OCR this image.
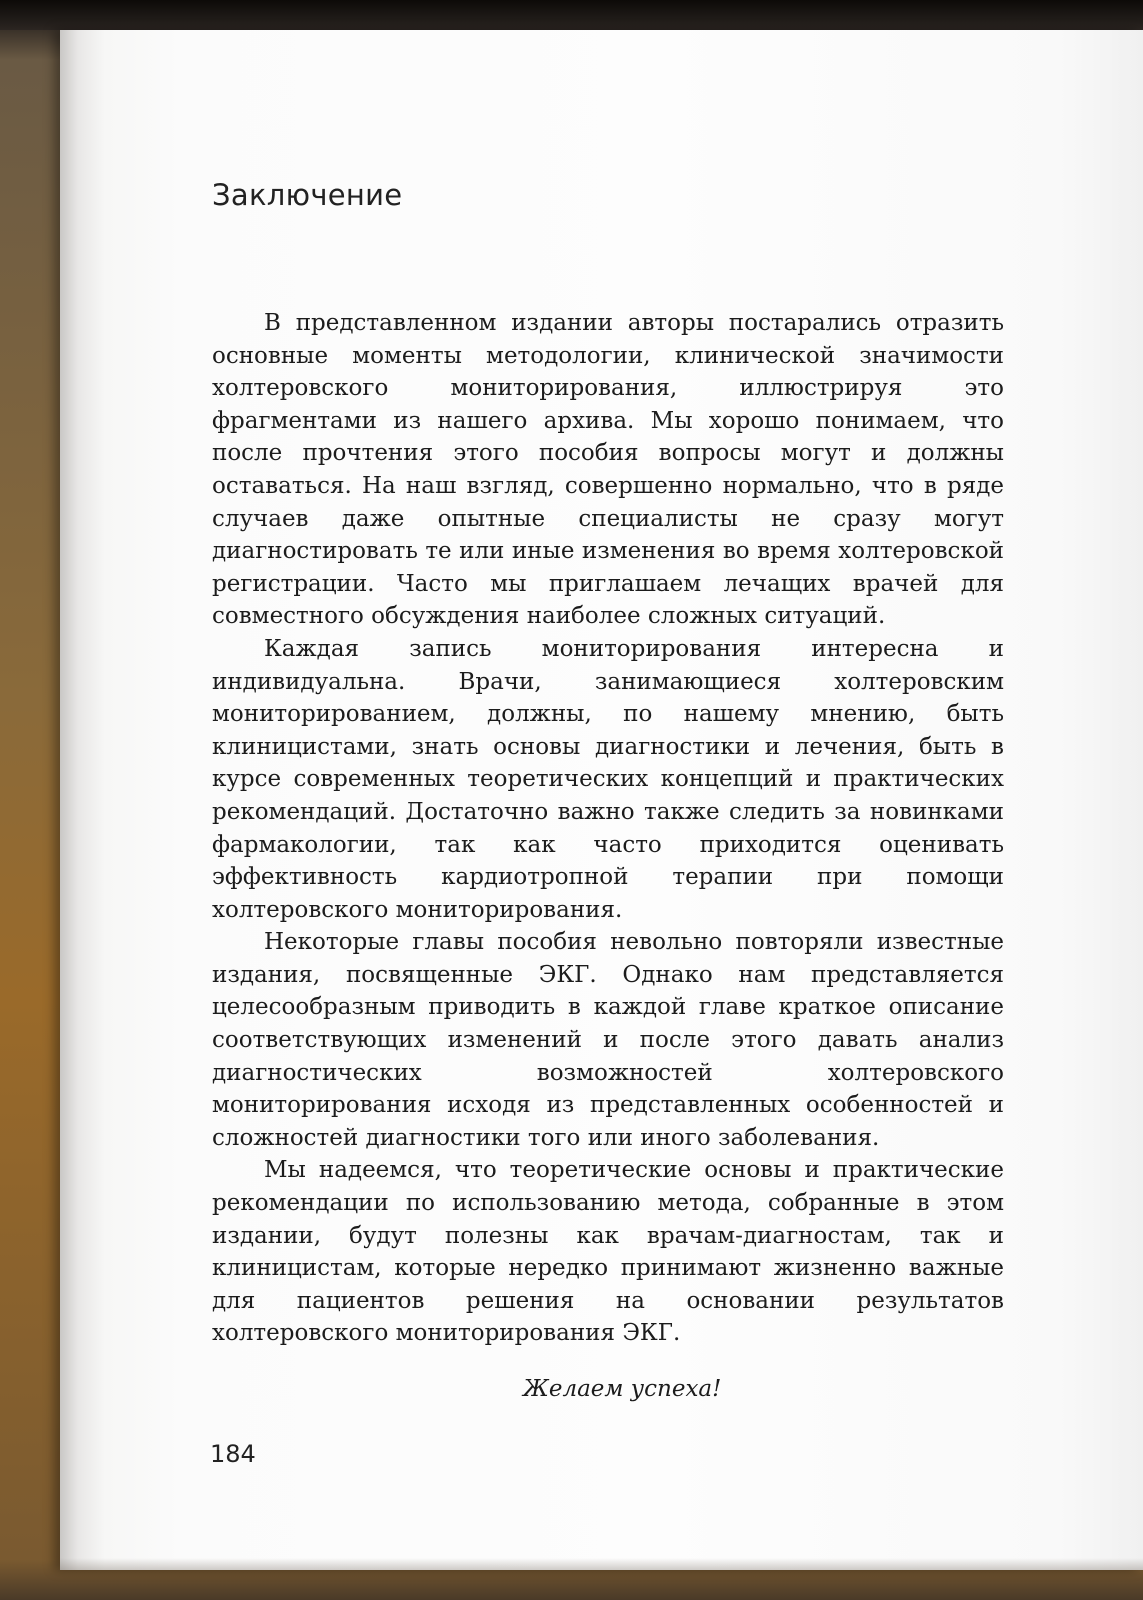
Заключение

В представленном издании авторы постарались отразить основные моменты методологии, клинической значимости холтеровского мониторирования, иллюстрируя это фрагментами из нашего архива. Мы хорошо понимаем, что после прочтения этого пособия вопросы могут и должны оставаться. На наш взгляд, совершенно нормально, что в ряде случаев даже опытные специалисты не сразу могут диагностировать те или иные изменения во время холтеровской регистрации. Часто мы приглашаем лечащих врачей для совместного обсуждения наиболее сложных ситуаций.

Каждая запись мониторирования интересна и индивидуальна. Врачи, занимающиеся холтеровским мониторированием, должны, по нашему мнению, быть клиницистами, знать основы диагностики и лечения, быть в курсе современных теоретических концепций и практических рекомендаций. Достаточно важно также следить за новинками фармакологии, так как часто приходится оценивать эффективность кардиотропной терапии при помощи холтеровского мониторирования.

Некоторые главы пособия невольно повторяли известные издания, посвященные ЭКГ. Однако нам представляется целесообразным приводить в каждой главе краткое описание соответствующих изменений и после этого давать анализ диагностических возможностей холтеровского мониторирования исходя из представленных особенностей и сложностей диагностики того или иного заболевания.

Мы надеемся, что теоретические основы и практические рекомендации по использованию метода, собранные в этом издании, будут полезны как врачам-диагностам, так и клиницистам, которые нередко принимают жизненно важные для пациентов решения на основании результатов холтеровского мониторирования ЭКГ.

Желаем успеха!

184
